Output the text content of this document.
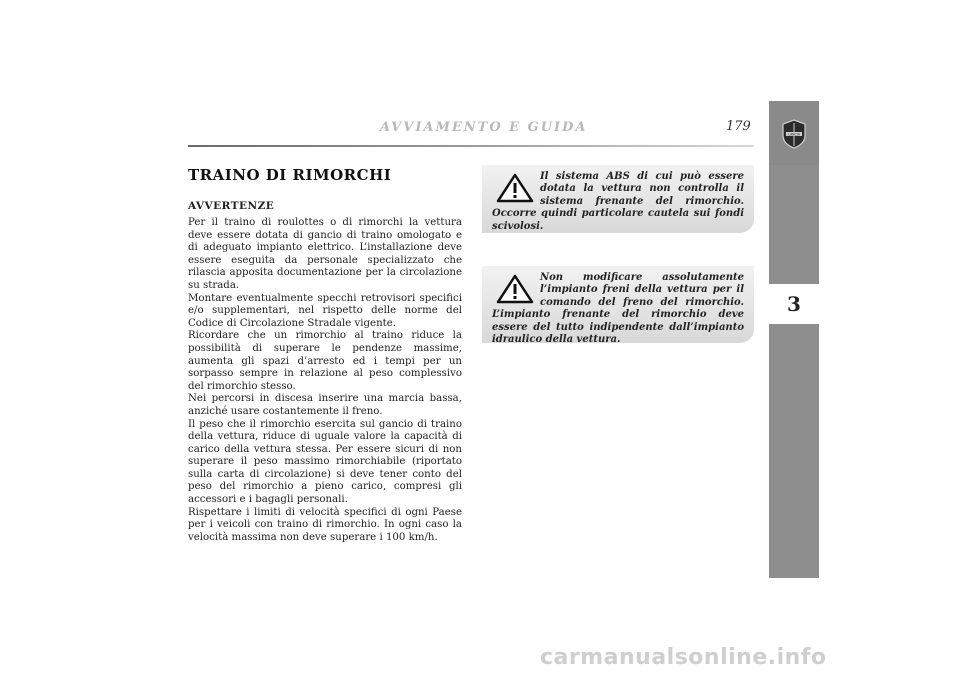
AVVIAMENTO E GUIDA	179
LANCIA
3
TRAINO DI RIMORCHI
AVVERTENZE

Per il traino di roulottes o di rimorchi la vettura deve essere dotata di gancio di traino omologato e di adeguato impianto elettrico. L’installazione deve essere eseguita da personale specializzato che rilascia apposita documentazione per la circolazione su strada.
Montare eventualmente specchi retrovisori specifici e/o supplementari, nel rispetto delle norme del Codice di Circolazione Stradale vigente.
Ricordare che un rimorchio al traino riduce la possibilità di superare le pendenze massime, aumenta gli spazi d’arresto ed i tempi per un sorpasso sempre in relazione al peso complessivo del rimorchio stesso.
Nei percorsi in discesa inserire una marcia bassa, anziché usare costantemente il freno.
Il peso che il rimorchio esercita sul gancio di traino della vettura, riduce di uguale valore la capacità di carico della vettura stessa. Per essere sicuri di non superare il peso massimo rimorchiabile (riportato sulla carta di circolazione) si deve tener conto del peso del rimorchio a pieno carico, compresi gli accessori e i bagagli personali.
Rispettare i limiti di velocità specifici di ogni Paese per i veicoli con traino di rimorchio. In ogni caso la velocità massima non deve superare i 100 km/h.

Il sistema ABS di cui può essere dotata la vettura non controlla il sistema frenante del rimorchio. Occorre quindi particolare cautela sui fondi scivolosi.

Non modificare assolutamente l’impianto freni della vettura per il comando del freno del rimorchio. L’impianto frenante del rimorchio deve essere del tutto indipendente dall’impianto idraulico della vettura.

carmanualsonline.info
